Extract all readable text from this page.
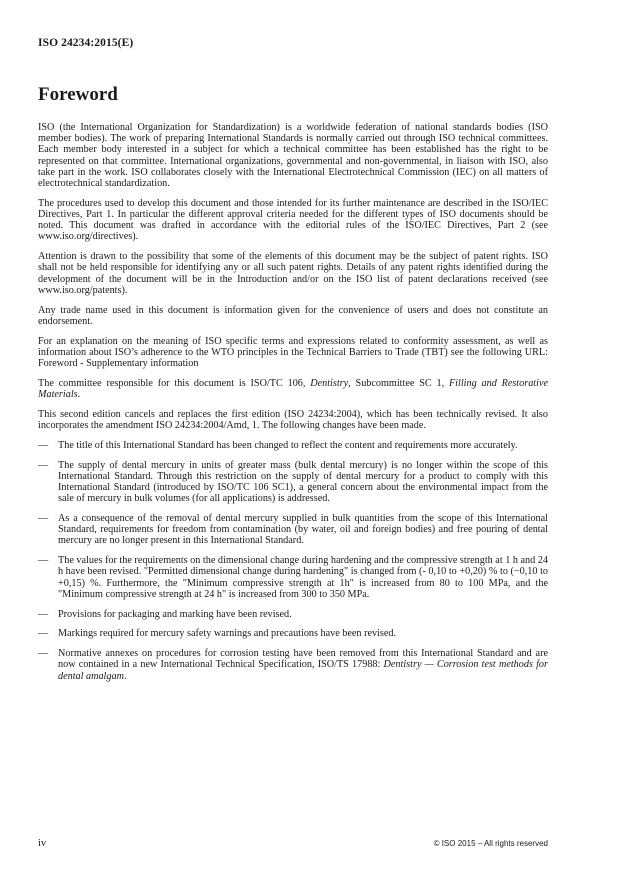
ISO 24234:2015(E)
Foreword

ISO (the International Organization for Standardization) is a worldwide federation of national standards bodies (ISO member bodies). The work of preparing International Standards is normally carried out through ISO technical committees. Each member body interested in a subject for which a technical committee has been established has the right to be represented on that committee. International organizations, governmental and non-governmental, in liaison with ISO, also take part in the work. ISO collaborates closely with the International Electrotechnical Commission (IEC) on all matters of electrotechnical standardization.

The procedures used to develop this document and those intended for its further maintenance are described in the ISO/IEC Directives, Part 1. In particular the different approval criteria needed for the different types of ISO documents should be noted. This document was drafted in accordance with the editorial rules of the ISO/IEC Directives, Part 2 (see www.iso.org/directives).

Attention is drawn to the possibility that some of the elements of this document may be the subject of patent rights. ISO shall not be held responsible for identifying any or all such patent rights. Details of any patent rights identified during the development of the document will be in the Introduction and/or on the ISO list of patent declarations received (see www.iso.org/patents).

Any trade name used in this document is information given for the convenience of users and does not constitute an endorsement.

For an explanation on the meaning of ISO specific terms and expressions related to conformity assessment, as well as information about ISO’s adherence to the WTO principles in the Technical Barriers to Trade (TBT) see the following URL: Foreword - Supplementary information

The committee responsible for this document is ISO/TC 106, Dentistry, Subcommittee SC 1, Filling and Restorative Materials.

This second edition cancels and replaces the first edition (ISO 24234:2004), which has been technically revised. It also incorporates the amendment ISO 24234:2004/Amd, 1. The following changes have been made.

— The title of this International Standard has been changed to reflect the content and requirements more accurately.
— The supply of dental mercury in units of greater mass (bulk dental mercury) is no longer within the scope of this International Standard. Through this restriction on the supply of dental mercury for a product to comply with this International Standard (introduced by ISO/TC 106 SC1), a general concern about the environmental impact from the sale of mercury in bulk volumes (for all applications) is addressed.
— As a consequence of the removal of dental mercury supplied in bulk quantities from the scope of this International Standard, requirements for freedom from contamination (by water, oil and foreign bodies) and free pouring of dental mercury are no longer present in this International Standard.
— The values for the requirements on the dimensional change during hardening and the compressive strength at 1 h and 24 h have been revised. "Permitted dimensional change during hardening" is changed from (- 0,10 to +0,20) % to (−0,10 to +0,15) %. Furthermore, the "Minimum compressive strength at 1h" is increased from 80 to 100 MPa, and the "Minimum compressive strength at 24 h" is increased from 300 to 350 MPa.
— Provisions for packaging and marking have been revised.
— Markings required for mercury safety warnings and precautions have been revised.
— Normative annexes on procedures for corrosion testing have been removed from this International Standard and are now contained in a new International Technical Specification, ISO/TS 17988: Dentistry — Corrosion test methods for dental amalgam.
iv	© ISO 2015 – All rights reserved
